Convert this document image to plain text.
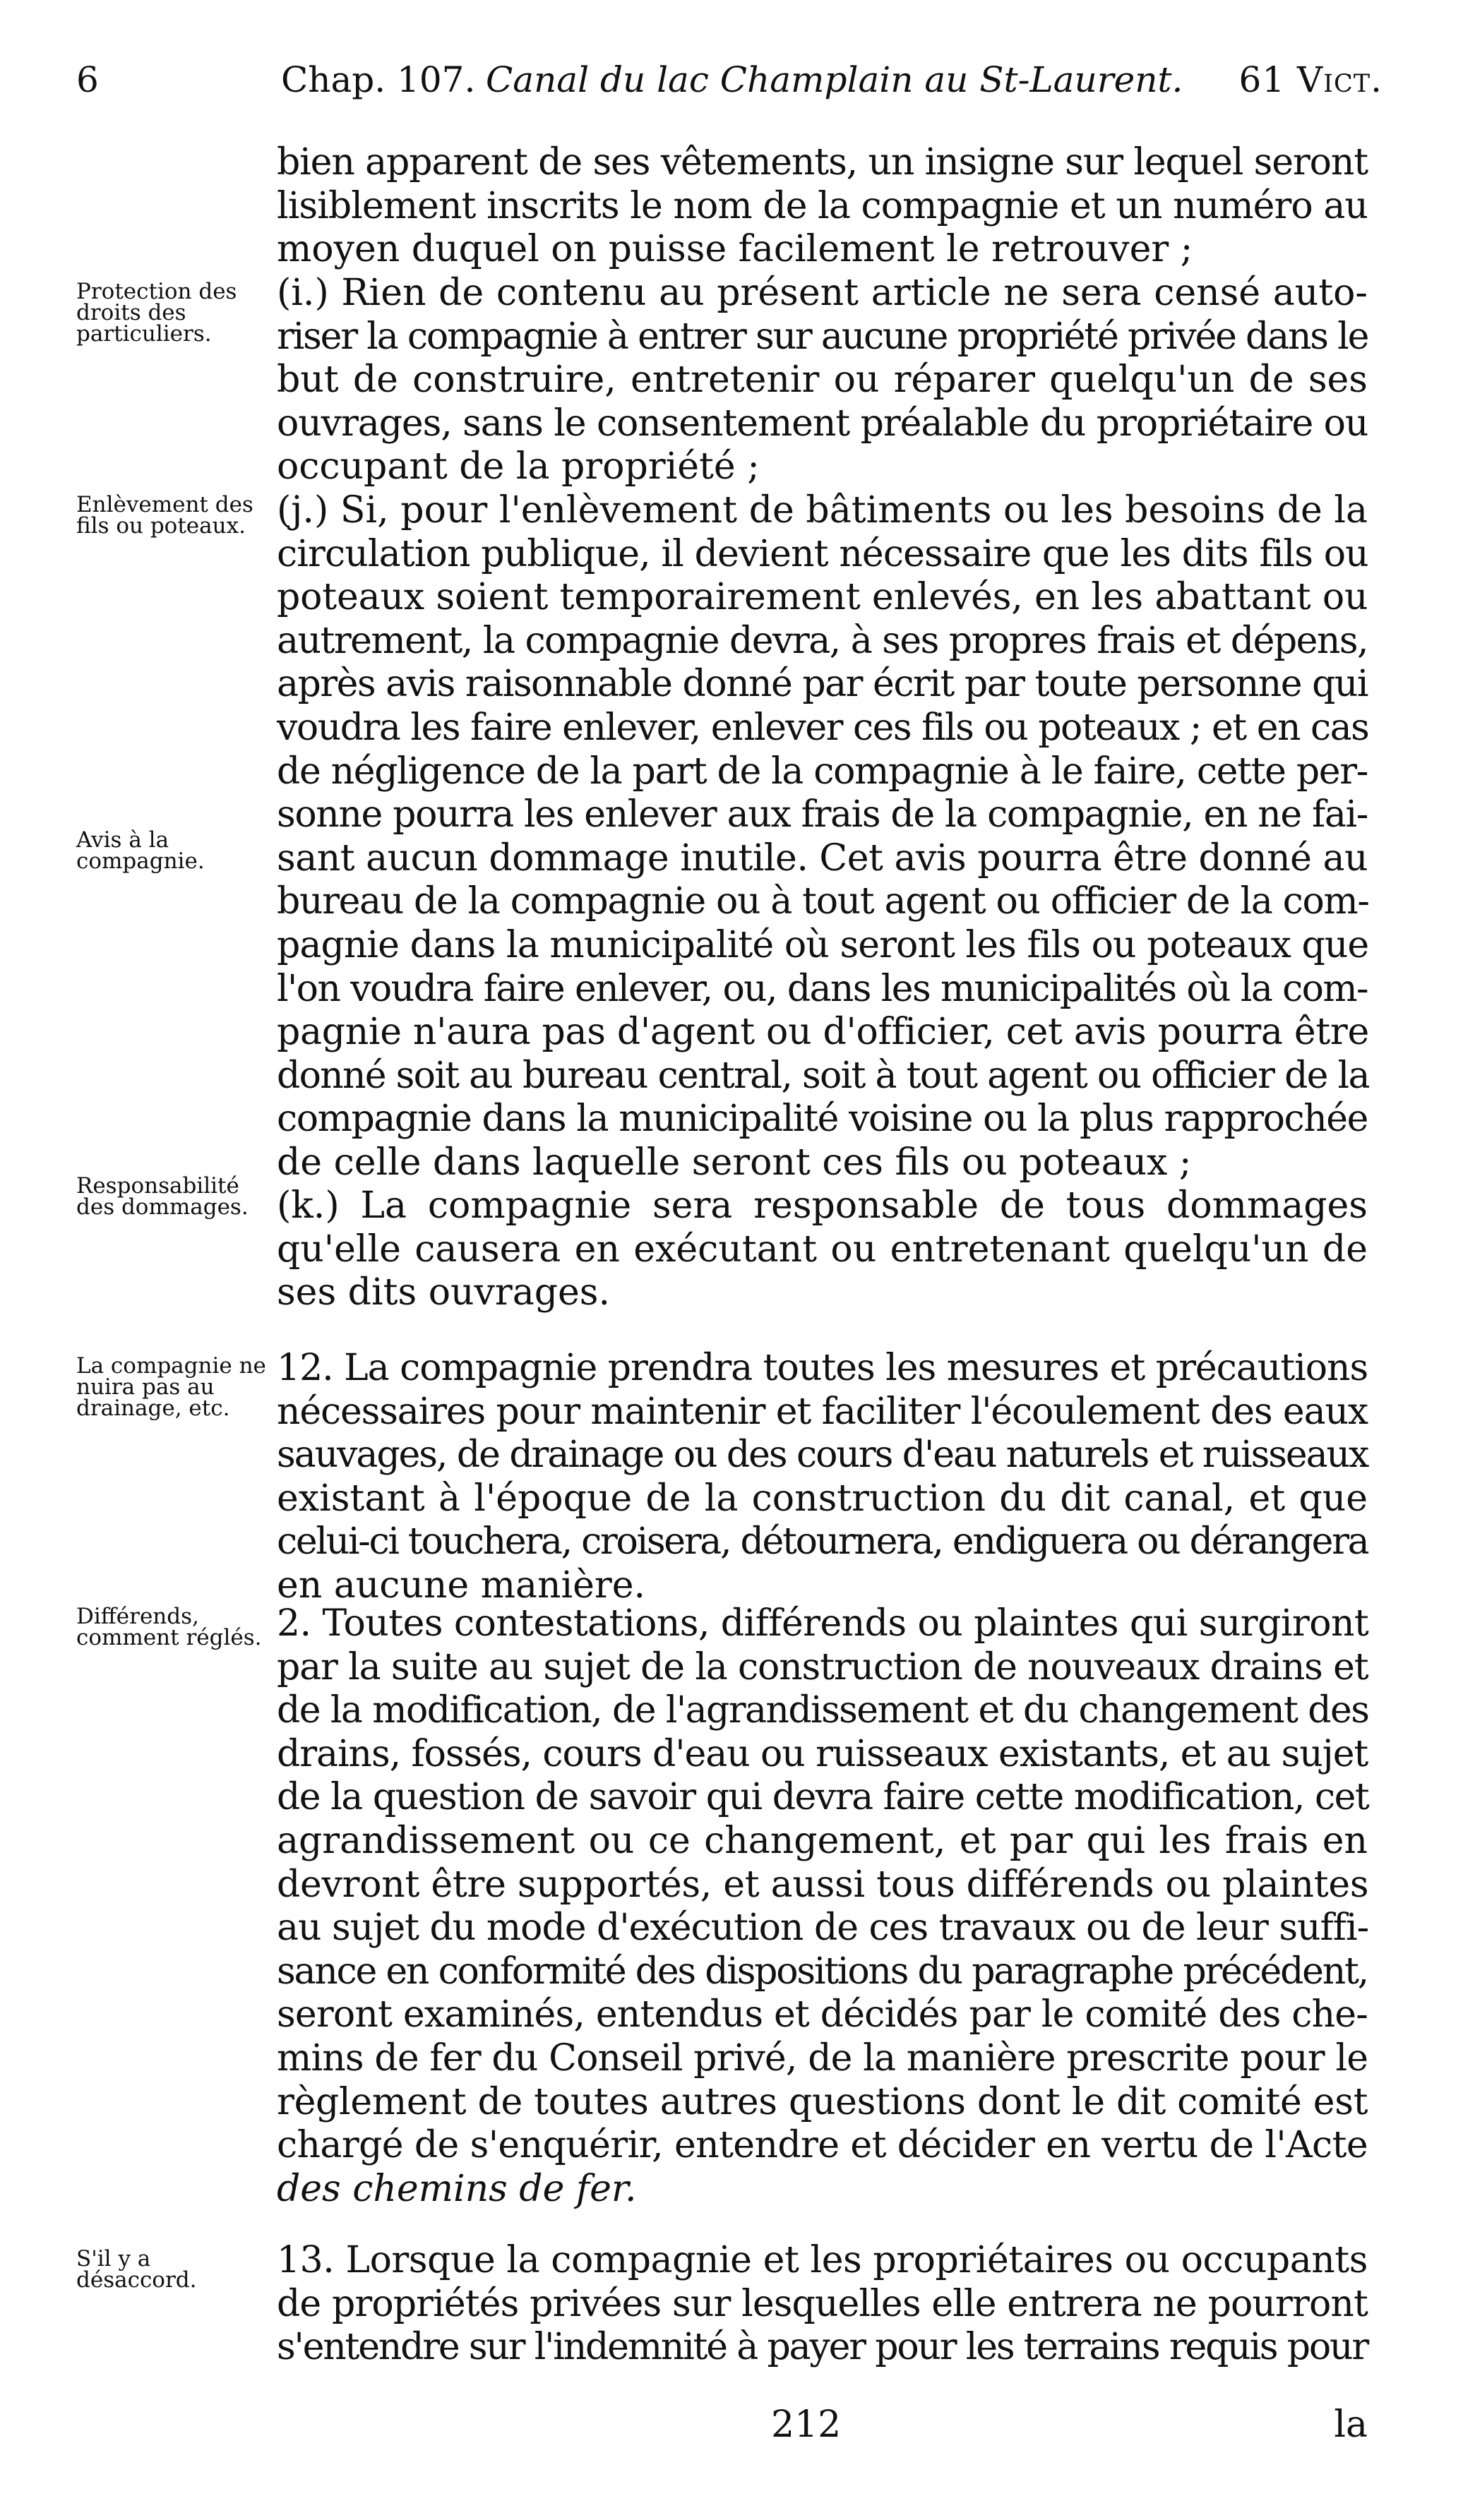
6	Chap. 107. Canal du lac Champlain au St-Laurent. 61 Vict.
Protection des droits des particuliers.
Enlèvement des fils ou poteaux.
Avis à la compagnie.
Responsabilité des dommages.
La compagnie ne nuira pas au drainage, etc.
Différends, comment réglés.
S'il y a désaccord.
bien apparent de ses vêtements, un insigne sur lequel seront
lisiblement inscrits le nom de la compagnie et un numéro au
moyen duquel on puisse facilement le retrouver ;
(i.) Rien de contenu au présent article ne sera censé auto-
riser la compagnie à entrer sur aucune propriété privée dans le
but de construire, entretenir ou réparer quelqu'un de ses
ouvrages, sans le consentement préalable du propriétaire ou
occupant de la propriété ;
(j.) Si, pour l'enlèvement de bâtiments ou les besoins de la
circulation publique, il devient nécessaire que les dits fils ou
poteaux soient temporairement enlevés, en les abattant ou
autrement, la compagnie devra, à ses propres frais et dépens,
après avis raisonnable donné par écrit par toute personne qui
voudra les faire enlever, enlever ces fils ou poteaux ; et en cas
de négligence de la part de la compagnie à le faire, cette per-
sonne pourra les enlever aux frais de la compagnie, en ne fai-
sant aucun dommage inutile. Cet avis pourra être donné au
bureau de la compagnie ou à tout agent ou officier de la com-
pagnie dans la municipalité où seront les fils ou poteaux que
l'on voudra faire enlever, ou, dans les municipalités où la com-
pagnie n'aura pas d'agent ou d'officier, cet avis pourra être
donné soit au bureau central, soit à tout agent ou officier de la
compagnie dans la municipalité voisine ou la plus rapprochée
de celle dans laquelle seront ces fils ou poteaux ;
(k.) La compagnie sera responsable de tous dommages
qu'elle causera en exécutant ou entretenant quelqu'un de
ses dits ouvrages.
12. La compagnie prendra toutes les mesures et précautions
nécessaires pour maintenir et faciliter l'écoulement des eaux
sauvages, de drainage ou des cours d'eau naturels et ruisseaux
existant à l'époque de la construction du dit canal, et que
celui-ci touchera, croisera, détournera, endiguera ou dérangera
en aucune manière.
2. Toutes contestations, différends ou plaintes qui surgiront
par la suite au sujet de la construction de nouveaux drains et
de la modification, de l'agrandissement et du changement des
drains, fossés, cours d'eau ou ruisseaux existants, et au sujet
de la question de savoir qui devra faire cette modification, cet
agrandissement ou ce changement, et par qui les frais en
devront être supportés, et aussi tous différends ou plaintes
au sujet du mode d'exécution de ces travaux ou de leur suffi-
sance en conformité des dispositions du paragraphe précédent,
seront examinés, entendus et décidés par le comité des che-
mins de fer du Conseil privé, de la manière prescrite pour le
règlement de toutes autres questions dont le dit comité est
chargé de s'enquérir, entendre et décider en vertu de l'Acte
des chemins de fer.
13. Lorsque la compagnie et les propriétaires ou occupants
de propriétés privées sur lesquelles elle entrera ne pourront
s'entendre sur l'indemnité à payer pour les terrains requis pour
212	la
